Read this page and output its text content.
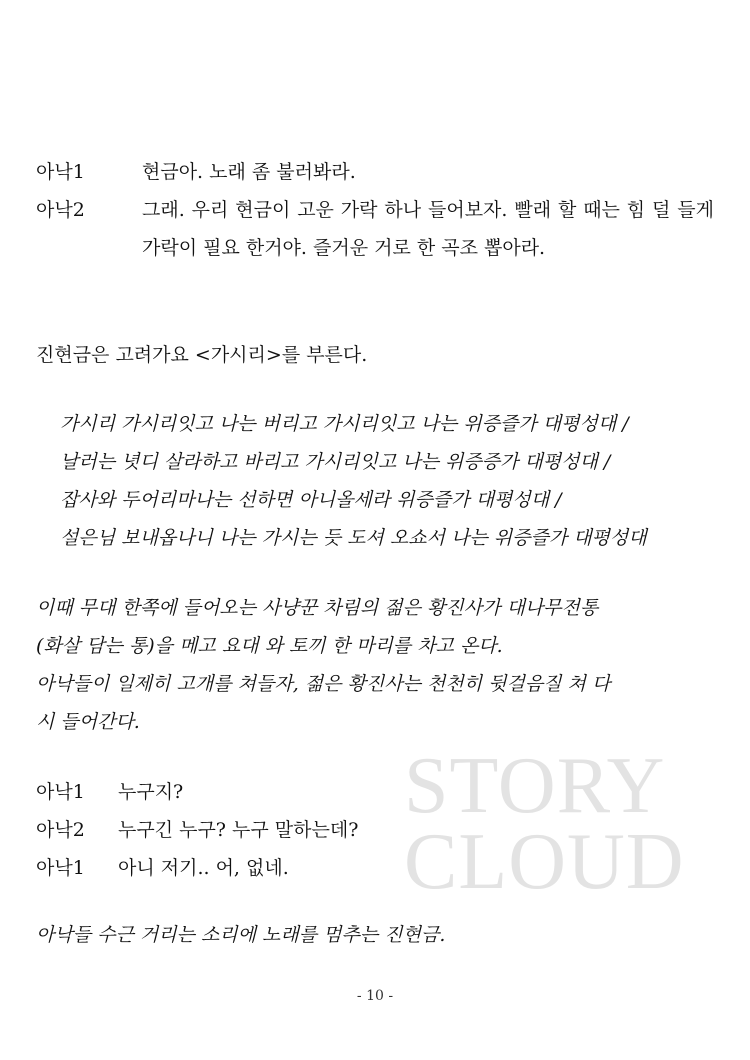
STORY
CLOUD
아낙1	현금아. 노래 좀 불러봐라.
아낙2	그래. 우리 현금이 고운 가락 하나 들어보자. 빨래 할 때는 힘 덜 들게 가락이 필요 한거야. 즐거운 거로 한 곡조 뽑아라.
진현금은 고려가요 <가시리>를 부른다.
가시리 가시리잇고 나는 버리고 가시리잇고 나는 위증즐가 대평성대 /
날러는 녓디 살라하고 바리고 가시리잇고 나는 위증증가 대평성대 /
잡사와 두어리마나는 선하면 아니올세라 위증즐가 대평성대 /
설은님 보내옵나니 나는 가시는 듯 도셔 오쇼서 나는 위증즐가 대평성대
이때 무대 한쪽에 들어오는 사냥꾼 차림의 젊은 황진사가 대나무전통
(화살 담는 통)을 메고 요대 와 토끼 한 마리를 차고 온다.
아낙들이 일제히 고개를 쳐들자, 젊은 황진사는 천천히 뒷걸음질 쳐 다
시 들어간다.
아낙1 누구지?
아낙2 누구긴 누구? 누구 말하는데?
아낙1 아니 저기.. 어, 없네.
아낙들 수근 거리는 소리에 노래를 멈추는 진현금.
- 10 -
